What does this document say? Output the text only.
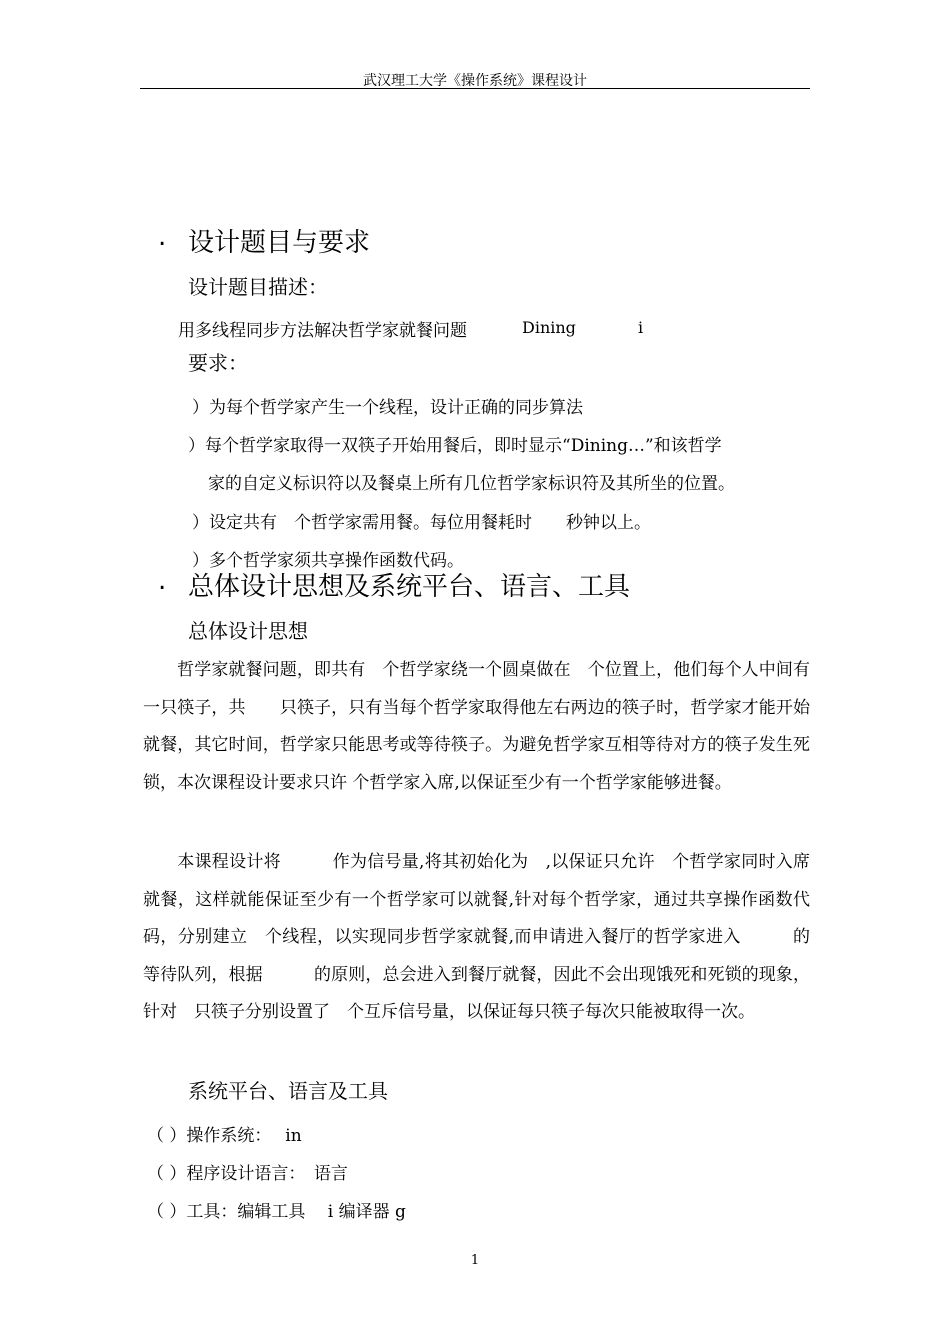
武汉理工大学《操作系统》课程设计
. 设计题目与要求
设计题目描述：
用多线程同步方法解决哲学家就餐问题	Dining	i
要求：
）为每个哲学家产生一个线程，设计正确的同步算法
）每个哲学家取得一双筷子开始用餐后，即时显示“Dining…”和该哲学
家的自定义标识符以及餐桌上所有几位哲学家标识符及其所坐的位置。
）设定共有　个哲学家需用餐。每位用餐耗时　　秒钟以上。
）多个哲学家须共享操作函数代码。
. 总体设计思想及系统平台、语言、工具
总体设计思想
哲学家就餐问题，即共有　个哲学家绕一个圆桌做在　个位置上，他们每个人中间有一只筷子，共　　只筷子，只有当每个哲学家取得他左右两边的筷子时，哲学家才能开始就餐，其它时间，哲学家只能思考或等待筷子。为避免哲学家互相等待对方的筷子发生死锁，本次课程设计要求只许 个哲学家入席,以保证至少有一个哲学家能够进餐。
本课程设计将　　　作为信号量,将其初始化为　,以保证只允许　个哲学家同时入席就餐，这样就能保证至少有一个哲学家可以就餐,针对每个哲学家，通过共享操作函数代码，分别建立　个线程，以实现同步哲学家就餐,而申请进入餐厅的哲学家进入　　　的等待队列，根据　　　的原则，总会进入到餐厅就餐，因此不会出现饿死和死锁的现象，针对　只筷子分别设置了　个互斥信号量，以保证每只筷子每次只能被取得一次。
系统平台、语言及工具
（ ）操作系统：　 in
（ ）程序设计语言：　语言
（ ）工具：编辑工具　 i 编译器 g
1
